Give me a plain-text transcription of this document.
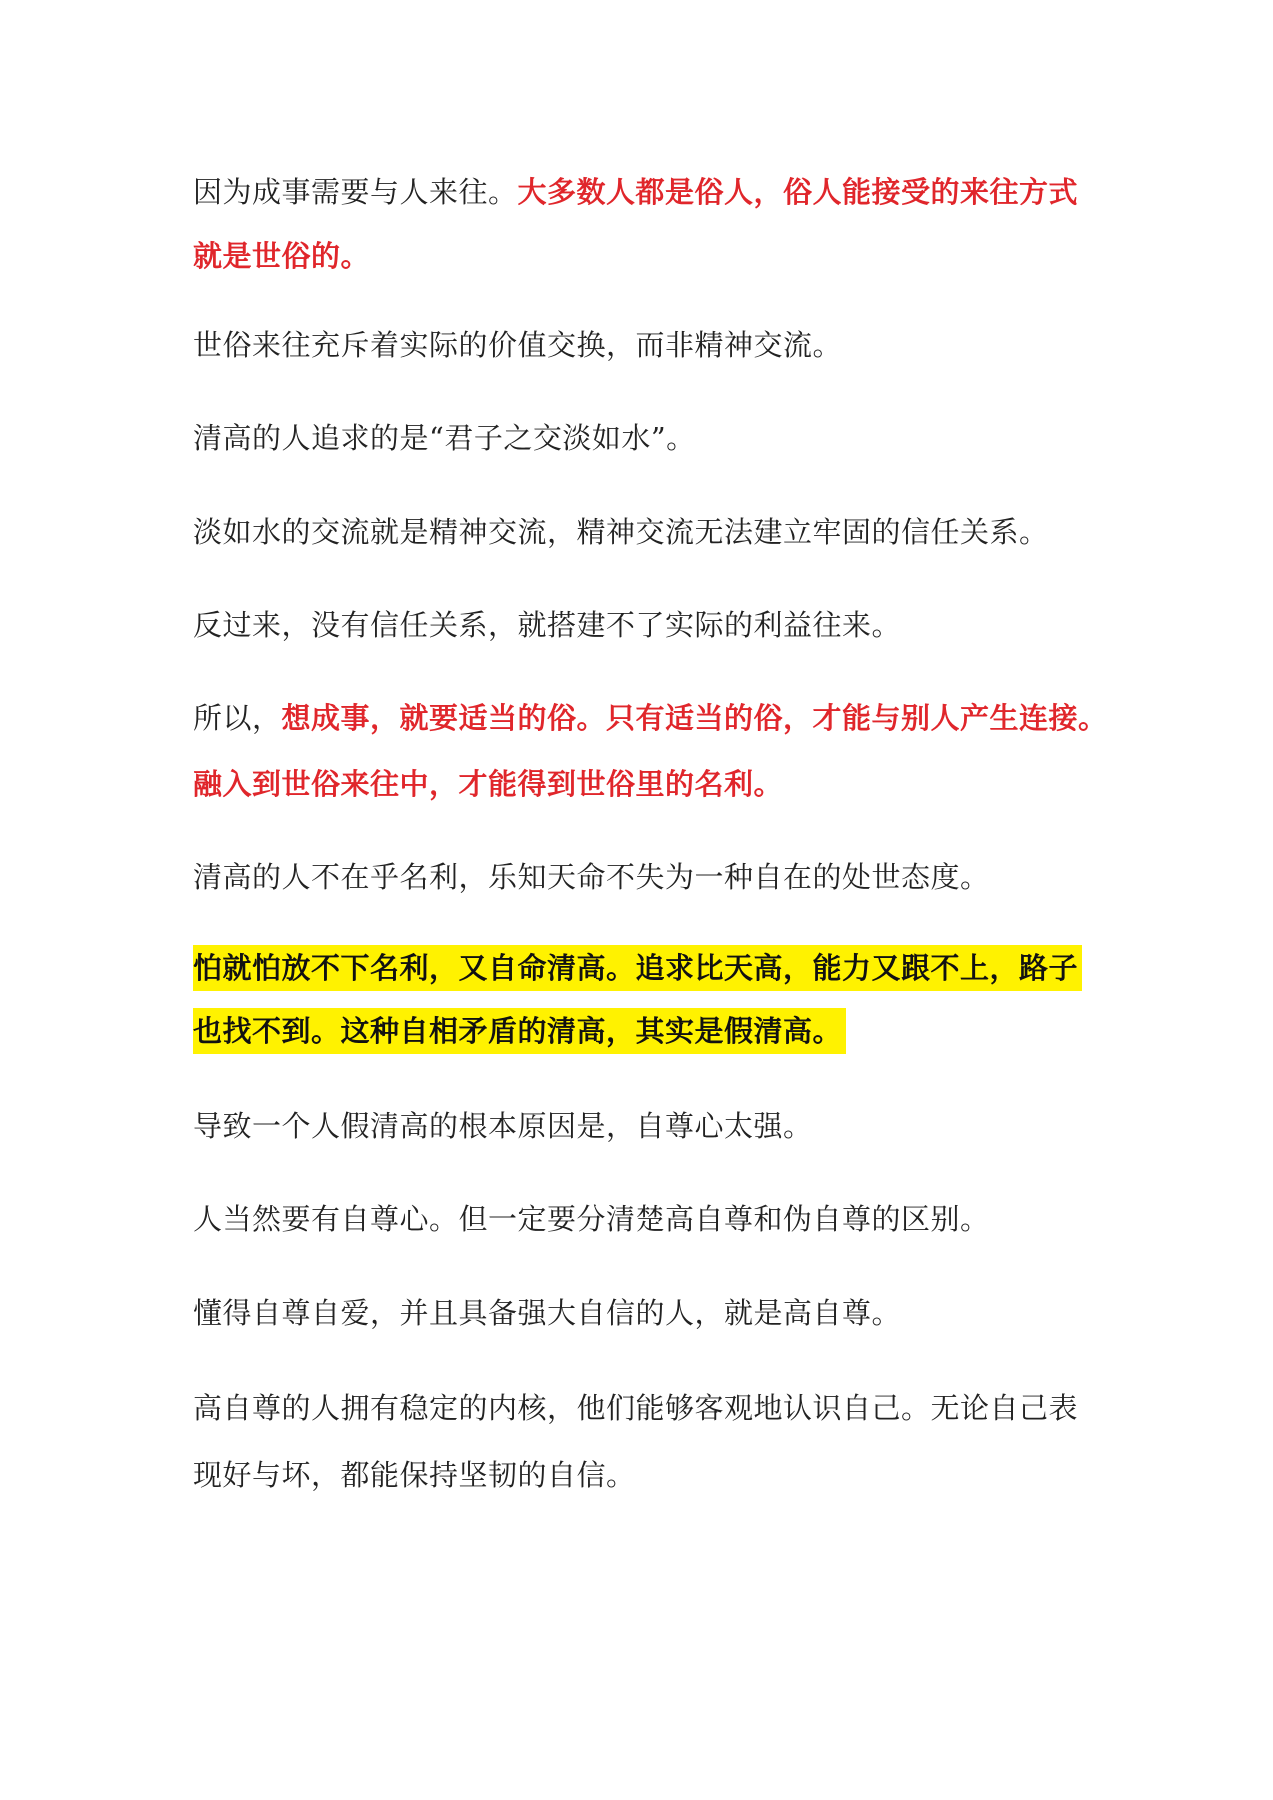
因为成事需要与人来往。大多数人都是俗人，俗人能接受的来往方式
就是世俗的。
世俗来往充斥着实际的价值交换，而非精神交流。
清高的人追求的是“君子之交淡如水”。
淡如水的交流就是精神交流，精神交流无法建立牢固的信任关系。
反过来，没有信任关系，就搭建不了实际的利益往来。
所以，想成事，就要适当的俗。只有适当的俗，才能与别人产生连接。
融入到世俗来往中，才能得到世俗里的名利。
清高的人不在乎名利，乐知天命不失为一种自在的处世态度。
怕就怕放不下名利，又自命清高。追求比天高，能力又跟不上，路子
也找不到。这种自相矛盾的清高，其实是假清高。
导致一个人假清高的根本原因是，自尊心太强。
人当然要有自尊心。但一定要分清楚高自尊和伪自尊的区别。
懂得自尊自爱，并且具备强大自信的人，就是高自尊。
高自尊的人拥有稳定的内核，他们能够客观地认识自己。无论自己表
现好与坏，都能保持坚韧的自信。
